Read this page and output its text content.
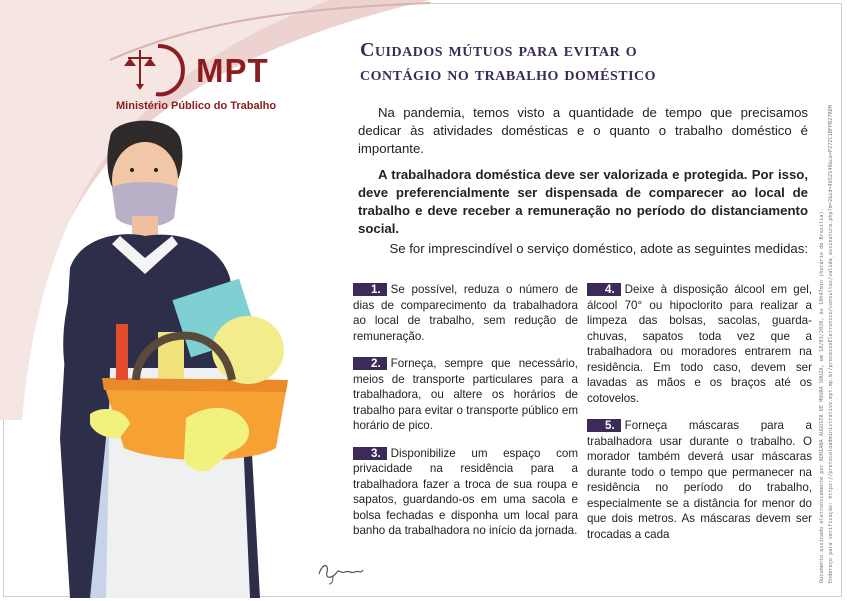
MPT
Ministério Público do Trabalho
Cuidados mútuos para evitar o
contágio no trabalho doméstico

Na pandemia, temos visto a quantidade de tempo que precisamos dedicar às atividades domésticas e o quanto o trabalho doméstico é importante.

A trabalhadora doméstica deve ser valorizada e protegida. Por isso, deve preferencialmente ser dispensada de comparecer ao local de trabalho e deve receber a remuneração no período do distanciamento social.

Se for imprescindível o serviço doméstico, adote as seguintes medidas:
1. Se possível, reduza o número de dias de comparecimento da trabalhadora ao local de trabalho, sem redução de remuneração.
2. Forneça, sempre que necessário, meios de transporte particulares para a trabalhadora, ou altere os horários de trabalho para evitar o transporte público em horário de pico.
3. Disponibilize um espaço com privacidade na residência para a trabalhadora fazer a troca de sua roupa e sapatos, guardando-os em uma sacola e bolsa fechadas e disponha um local para banho da trabalhadora no início da jornada.
4. Deixe à disposição álcool em gel, álcool 70° ou hipoclorito para realizar a limpeza das bolsas, sacolas, guarda-chuvas, sapatos toda vez que a trabalhadora ou moradores entrarem na residência. Em todo caso, devem ser lavadas as mãos e os braços até os cotovelos.
5. Forneça máscaras para a trabalhadora usar durante o trabalho. O morador também deverá usar máscaras durante todo o tempo que permanecer na residência no período do trabalho, especialmente se a distância for menor do que dois metros. As máscaras devem ser trocadas a cada	Documento assinado eletronicamente por ADRIANA AUGUSTA DE MOURA SOUZA, em 18/03/2020, às 18h47min (horário de Brasília). Endereço para verificação: https://protocoloadministrativo.mpt.mp.br/processoEletronico/consultas/valida_assinatura.php?m=2&id=4652149&ca=PZ72C1BFPB27RDM
